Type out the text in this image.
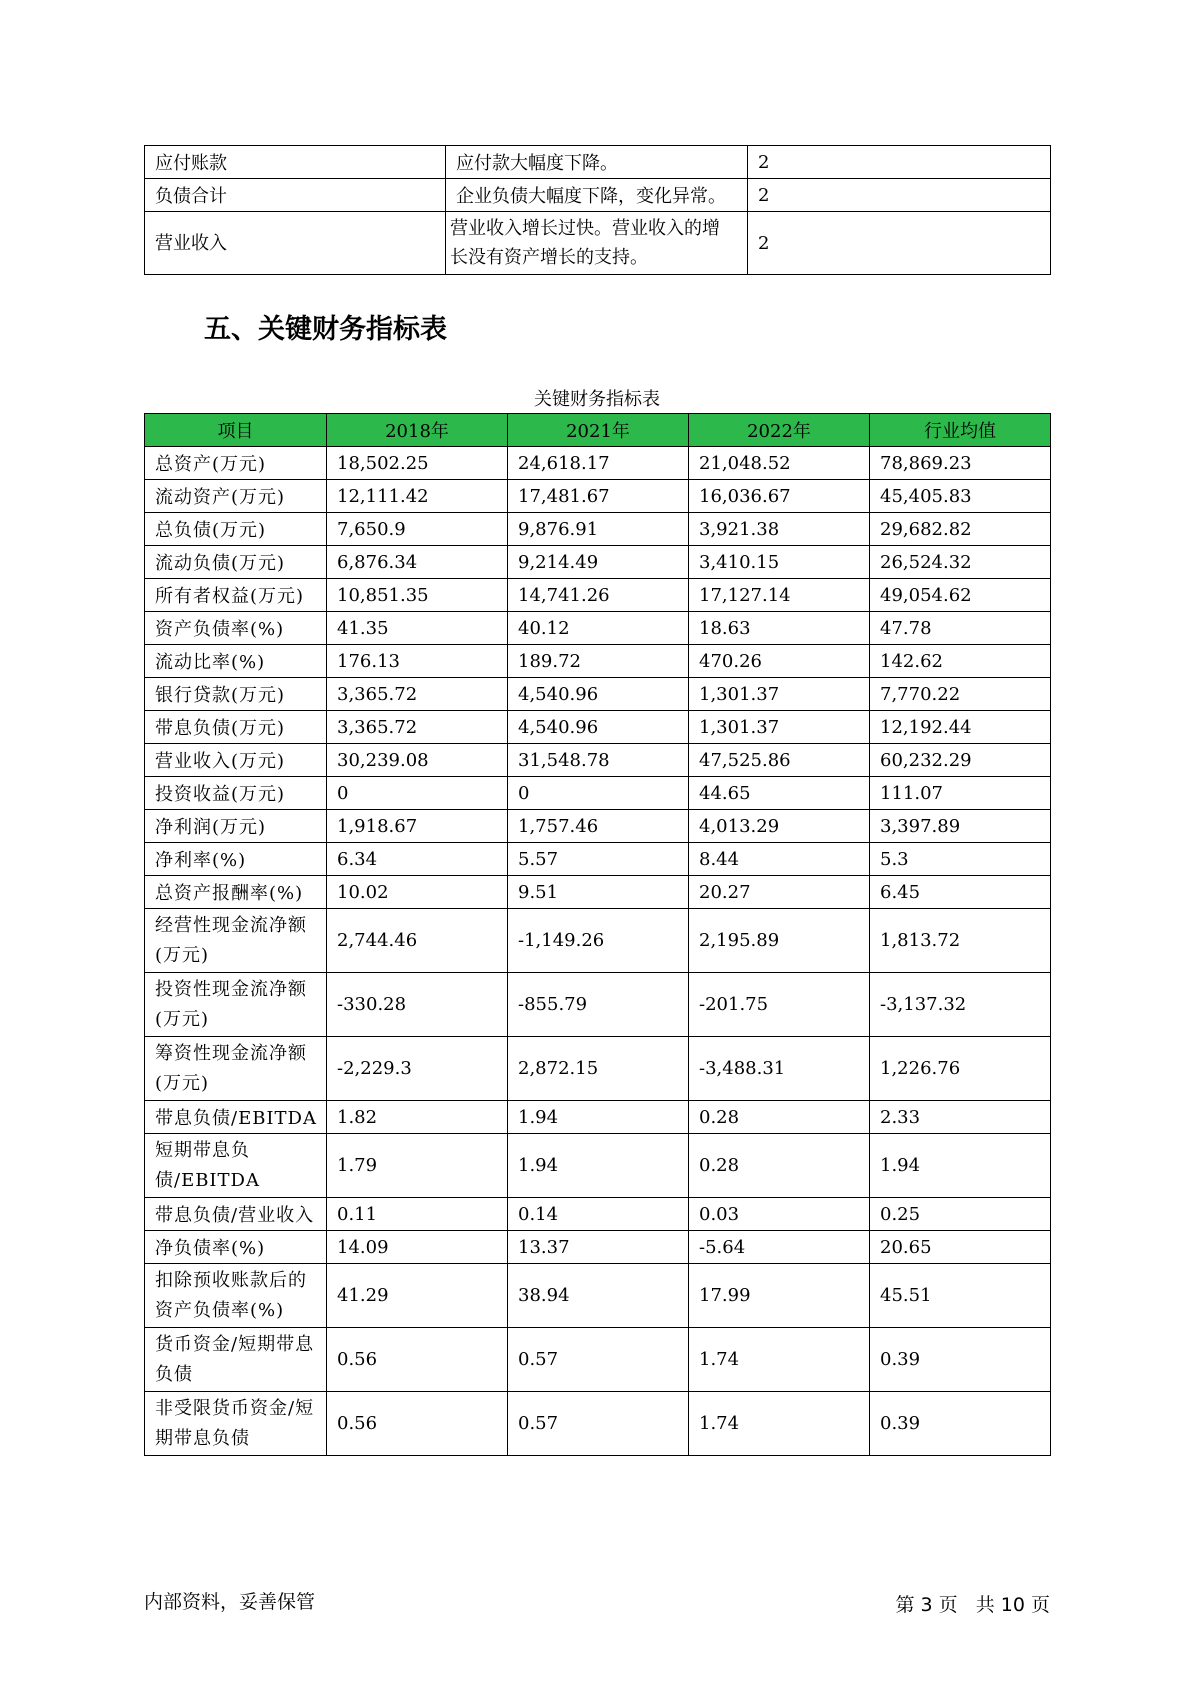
应付账款	应付款大幅度下降。	2
负债合计	企业负债大幅度下降，变化异常。	2
营业收入	营业收入增长过快。营业收入的增长没有资产增长的支持。	2
五、关键财务指标表
关键财务指标表
项目	2018年	2021年	2022年	行业均值
总资产(万元)	18,502.25	24,618.17	21,048.52	78,869.23
流动资产(万元)	12,111.42	17,481.67	16,036.67	45,405.83
总负债(万元)	7,650.9	9,876.91	3,921.38	29,682.82
流动负债(万元)	6,876.34	9,214.49	3,410.15	26,524.32
所有者权益(万元)	10,851.35	14,741.26	17,127.14	49,054.62
资产负债率(%)	41.35	40.12	18.63	47.78
流动比率(%)	176.13	189.72	470.26	142.62
银行贷款(万元)	3,365.72	4,540.96	1,301.37	7,770.22
带息负债(万元)	3,365.72	4,540.96	1,301.37	12,192.44
营业收入(万元)	30,239.08	31,548.78	47,525.86	60,232.29
投资收益(万元)	0	0	44.65	111.07
净利润(万元)	1,918.67	1,757.46	4,013.29	3,397.89
净利率(%)	6.34	5.57	8.44	5.3
总资产报酬率(%)	10.02	9.51	20.27	6.45
经营性现金流净额(万元)	2,744.46	-1,149.26	2,195.89	1,813.72
投资性现金流净额(万元)	-330.28	-855.79	-201.75	-3,137.32
筹资性现金流净额(万元)	-2,229.3	2,872.15	-3,488.31	1,226.76
带息负债/EBITDA	1.82	1.94	0.28	2.33
短期带息负债/EBITDA	1.79	1.94	0.28	1.94
带息负债/营业收入	0.11	0.14	0.03	0.25
净负债率(%)	14.09	13.37	-5.64	20.65
扣除预收账款后的资产负债率(%)	41.29	38.94	17.99	45.51
货币资金/短期带息负债	0.56	0.57	1.74	0.39
非受限货币资金/短期带息负债	0.56	0.57	1.74	0.39
内部资料，妥善保管	第 3 页   共 10 页
